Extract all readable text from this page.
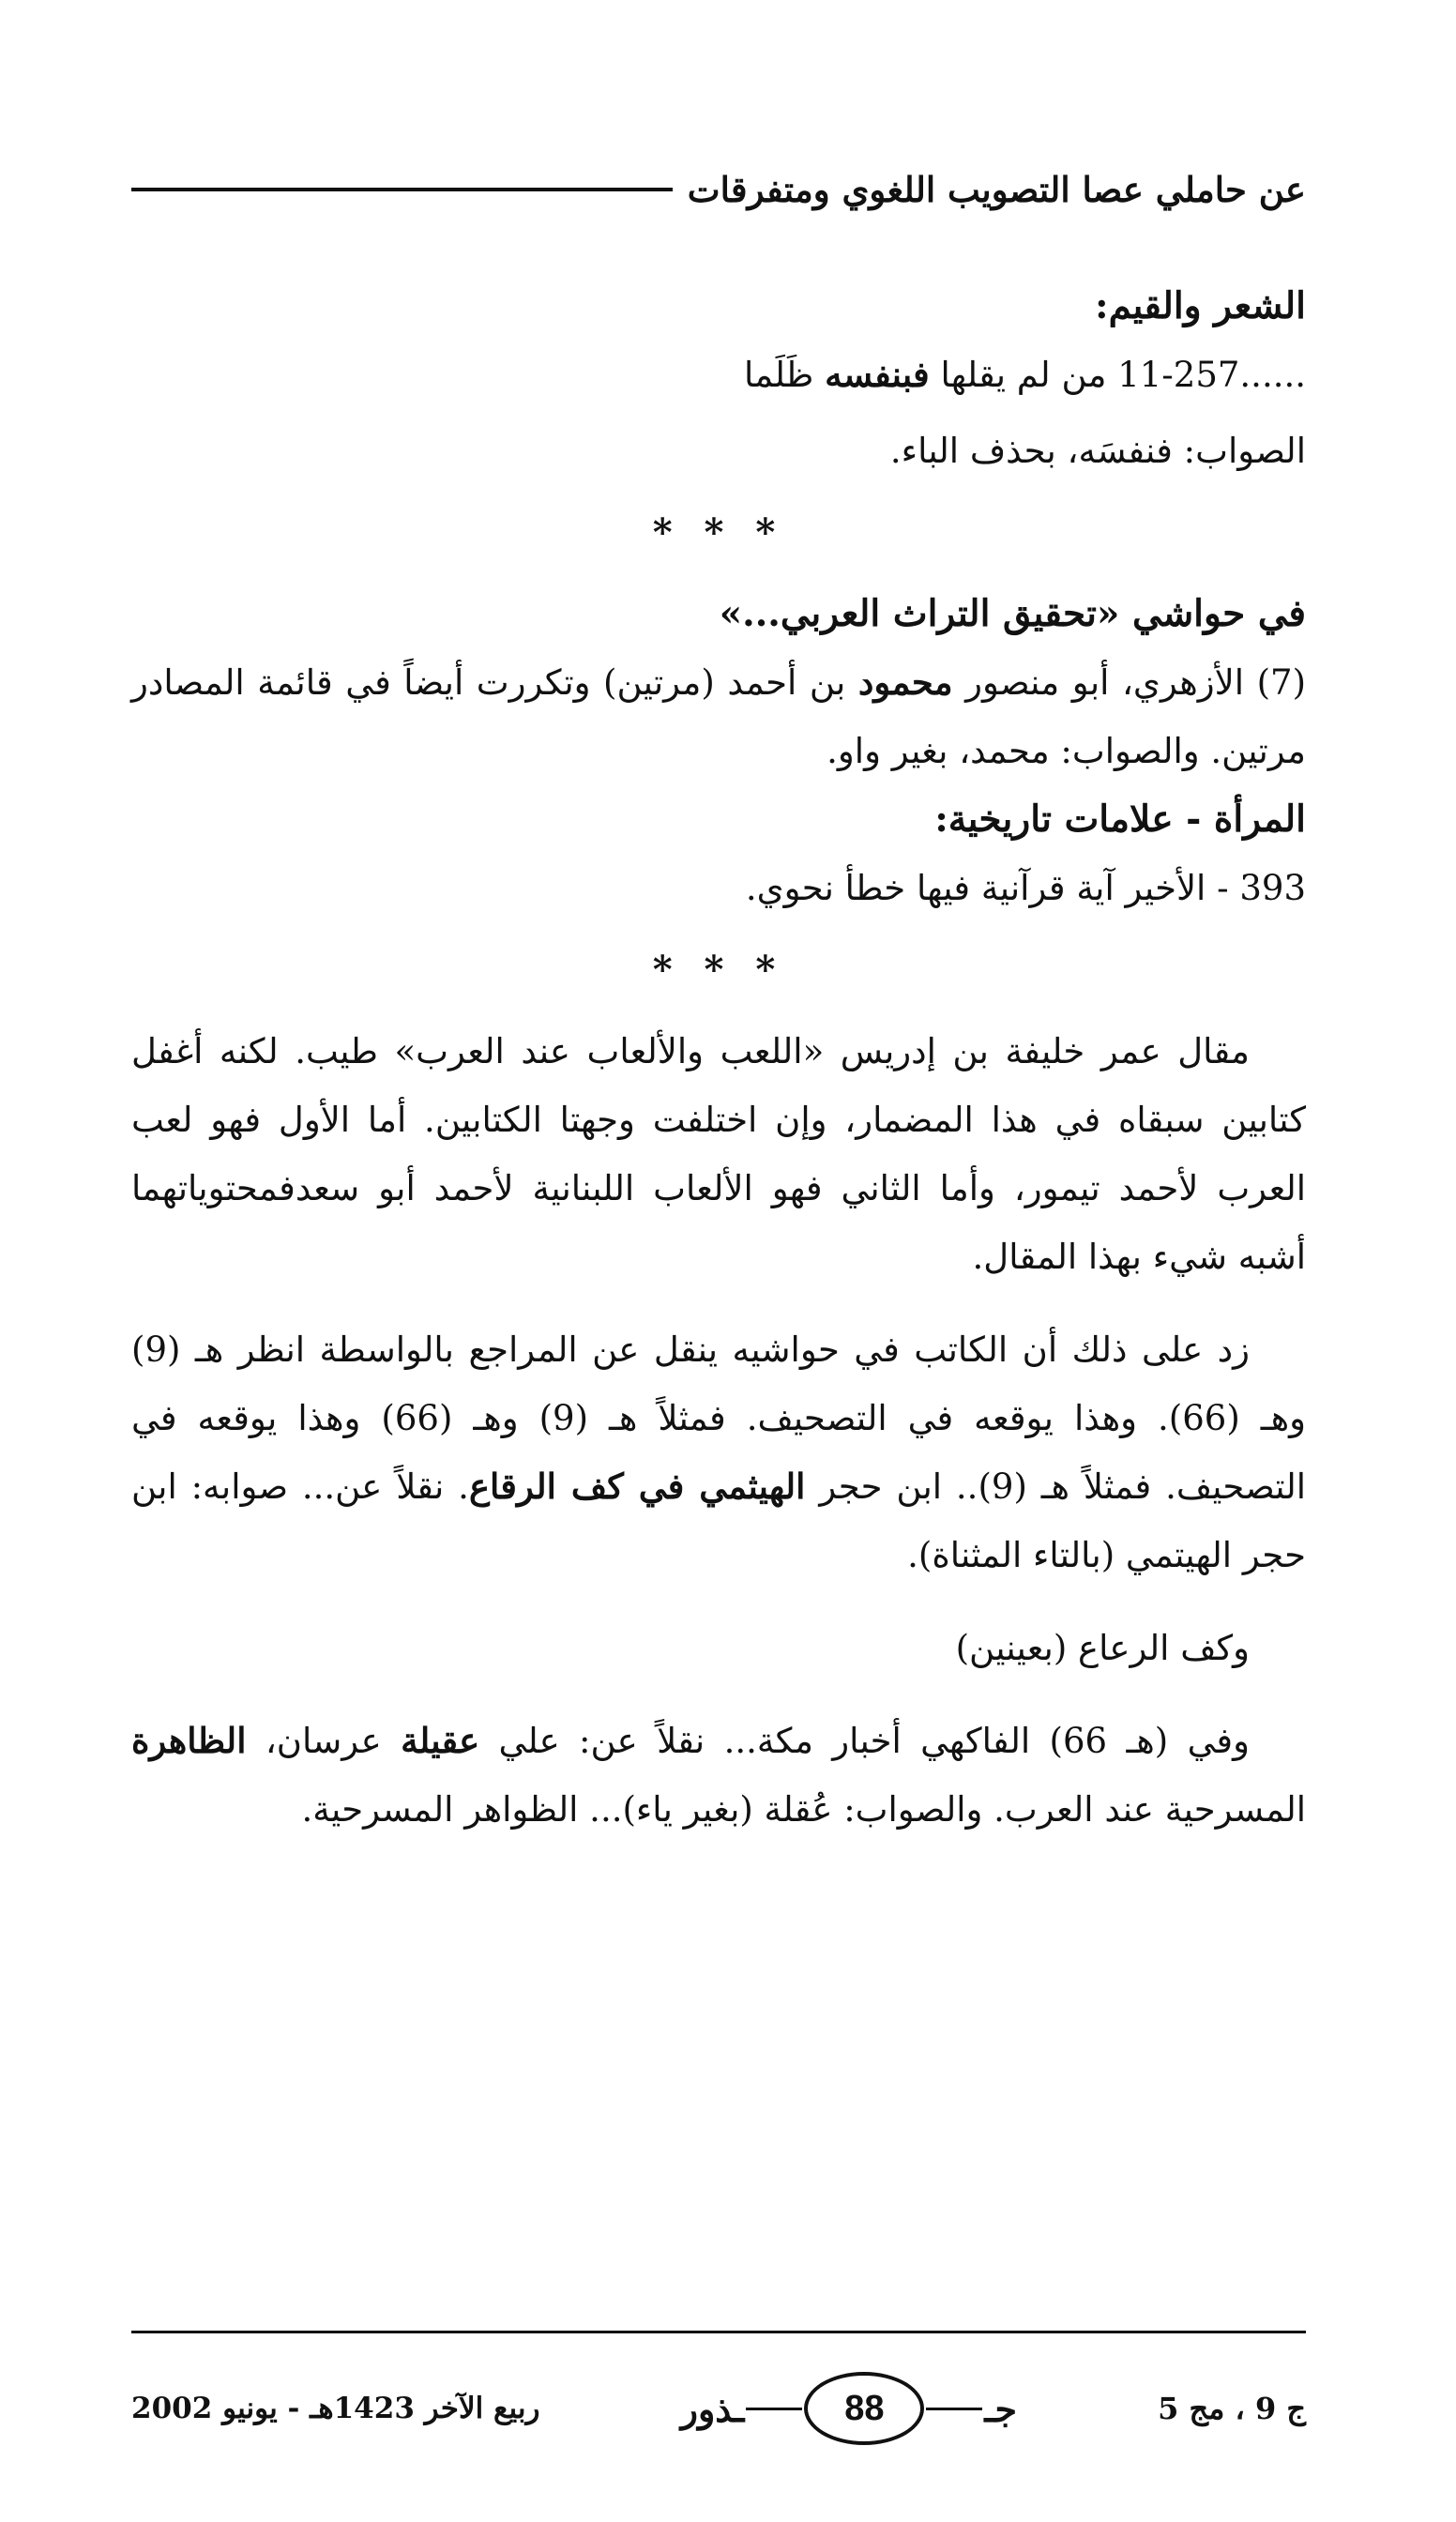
عن حاملي عصا التصويب اللغوي ومتفرقات

الشعر والقيم:

11-257...... من لم يقلها فبنفسه ظَلَما

الصواب: فنفسَه، بحذف الباء.

* * *

في حواشي «تحقيق التراث العربي...»

(7) الأزهري، أبو منصور محمود بن أحمد (مرتين) وتكررت أيضاً في قائمة المصادر مرتين. والصواب: محمد، بغير واو.

المرأة - علامات تاريخية:

393 - الأخير آية قرآنية فيها خطأ نحوي.

* * *

مقال عمر خليفة بن إدريس «اللعب والألعاب عند العرب» طيب. لكنه أغفل كتابين سبقاه في هذا المضمار، وإن اختلفت وجهتا الكتابين. أما الأول فهو لعب العرب لأحمد تيمور، وأما الثاني فهو الألعاب اللبنانية لأحمد أبو سعدفمحتوياتهما أشبه شيء بهذا المقال.

زد على ذلك أن الكاتب في حواشيه ينقل عن المراجع بالواسطة انظر هـ (9) وهـ (66). وهذا يوقعه في التصحيف. فمثلاً هـ (9) وهـ (66) وهذا يوقعه في التصحيف. فمثلاً هـ (9).. ابن حجر الهيثمي في كف الرقاع. نقلاً عن... صوابه: ابن حجر الهيتمي (بالتاء المثناة).

وكف الرعاع (بعينين)

وفي (هـ 66) الفاكهي أخبار مكة... نقلاً عن: علي عقيلة عرسان، الظاهرة المسرحية عند العرب. والصواب: عُقلة (بغير ياء)... الظواهر المسرحية.

ج 9 ، مج 5
جـ
88
ـذور
ربيع الآخر 1423هـ - يونيو 2002
